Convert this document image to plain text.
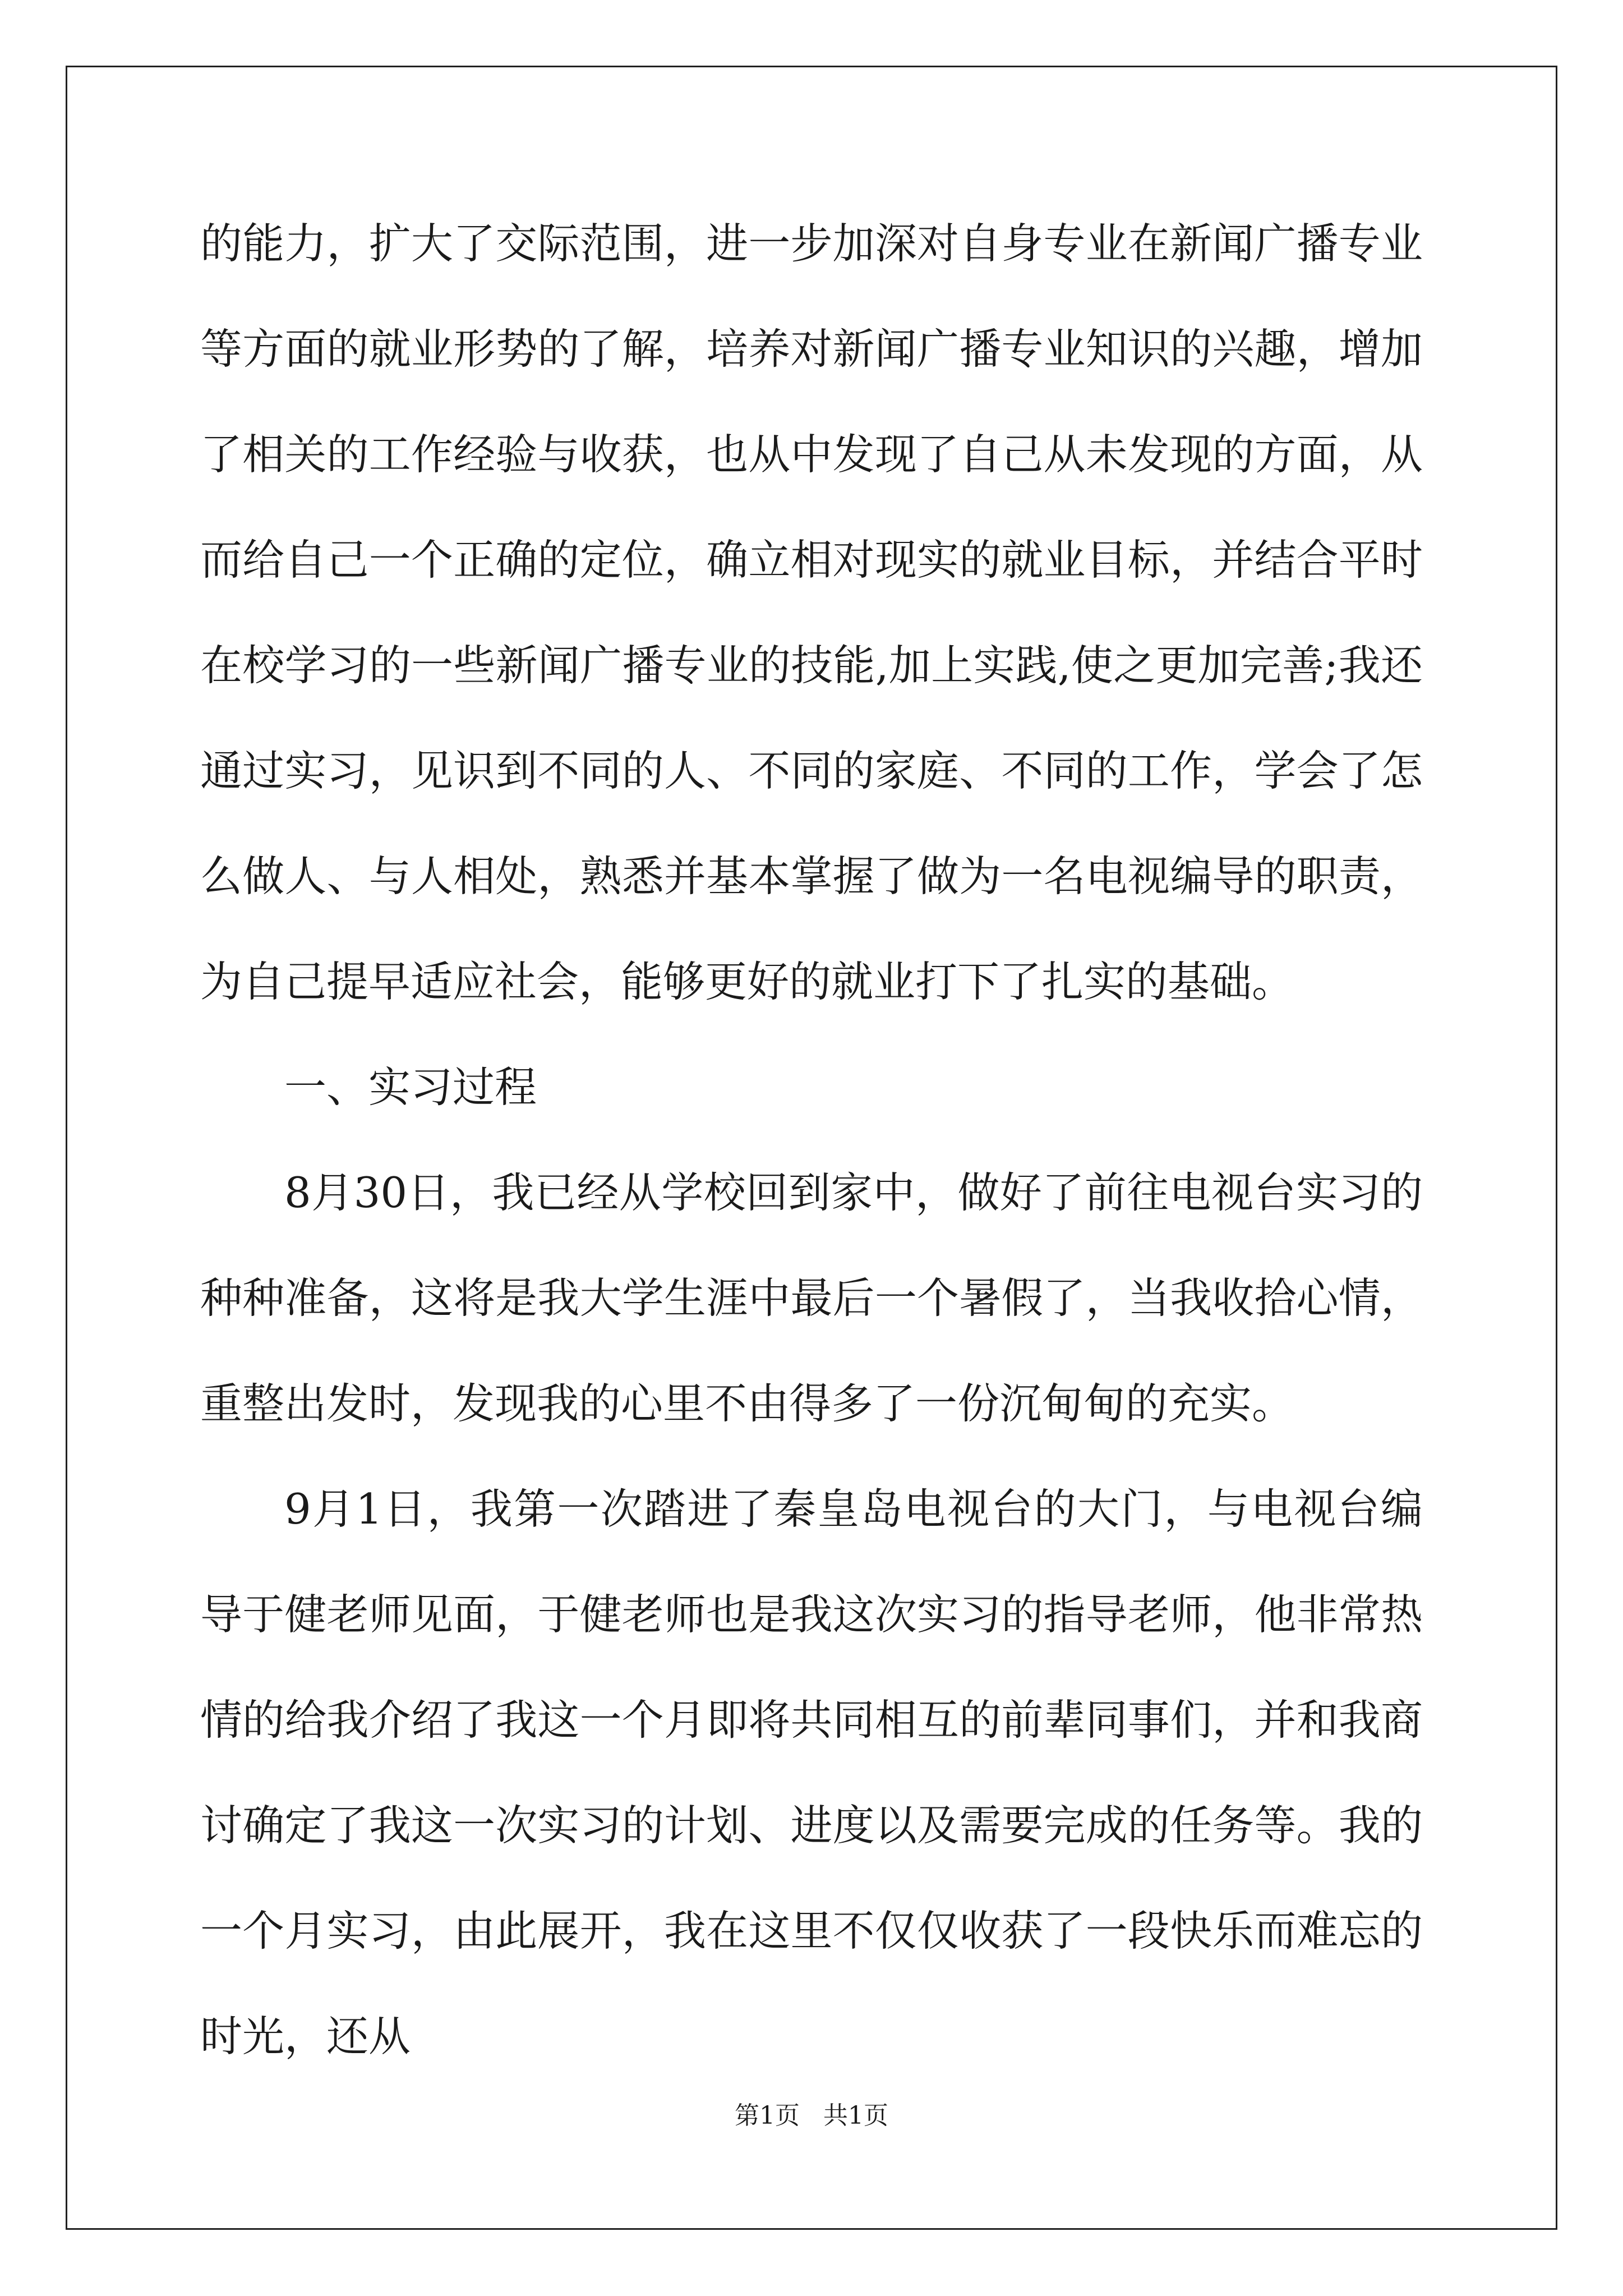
的能力，扩大了交际范围，进一步加深对自身专业在新闻广播专业等方面的就业形势的了解，培养对新闻广播专业知识的兴趣，增加了相关的工作经验与收获，也从中发现了自己从未发现的方面，从而给自己一个正确的定位，确立相对现实的就业目标，并结合平时在校学习的一些新闻广播专业的技能,加上实践,使之更加完善;我还通过实习，见识到不同的人、不同的家庭、不同的工作，学会了怎么做人、与人相处，熟悉并基本掌握了做为一名电视编导的职责，为自己提早适应社会，能够更好的就业打下了扎实的基础。

一、实习过程

8月30日，我已经从学校回到家中，做好了前往电视台实习的种种准备，这将是我大学生涯中最后一个暑假了，当我收拾心情，重整出发时，发现我的心里不由得多了一份沉甸甸的充实。

9月1日，我第一次踏进了秦皇岛电视台的大门，与电视台编导于健老师见面，于健老师也是我这次实习的指导老师，他非常热情的给我介绍了我这一个月即将共同相互的前辈同事们，并和我商讨确定了我这一次实习的计划、进度以及需要完成的任务等。我的一个月实习，由此展开，我在这里不仅仅收获了一段快乐而难忘的时光，还从

第1页 共1页
